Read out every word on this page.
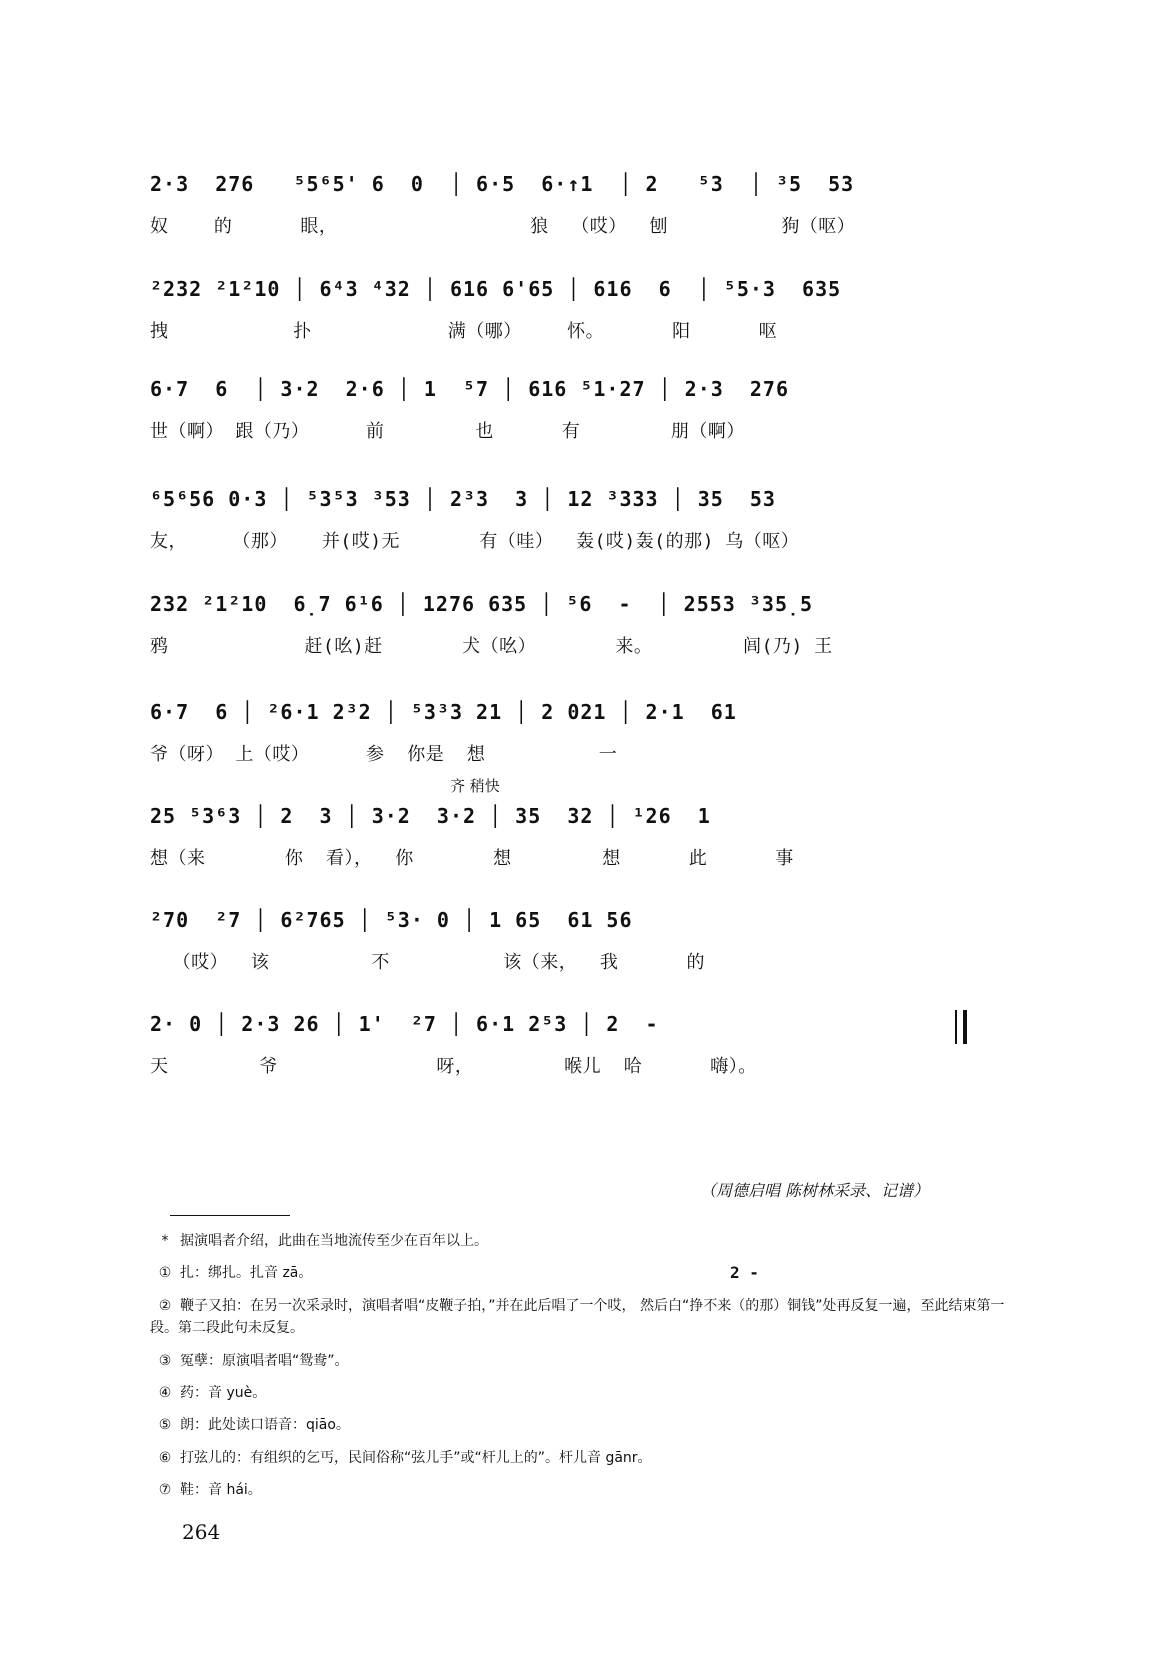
2·3  276   ⁵5⁶5' 6  0  │ 6·5  6·↑1  │ 2   ⁵3  │ ³5  53
奴    的      眼，                 狼  （哎）  刨          狗（呕）
²232 ²1²10 │ 6⁴3 ⁴32 │ 616 6'65 │ 616  6  │ ⁵5·3  635
拽           扑            满（哪）    怀。      阳      呕
6·7  6  │ 3·2  2·6 │ 1  ⁵7 │ 616 ⁵1·27 │ 2·3  276
世（啊） 跟（乃）     前        也      有        朋（啊）
⁶5⁶56 0·3 │ ⁵3⁵3 ³53 │ 2³3  3 │ 12 ³333 │ 35  53
友，    （那）   并(哎)无       有（哇）  轰(哎)轰(的那) 乌（呕）
232 ²1²10  6̣7 6¹6 │ 1276 635 │ ⁵6  -  │ 2553 ³35̣5
鸦            赶(吆)赶       犬（吆）       来。        闾(乃) 王
6·7  6 │ ²6·1 2³2 │ ⁵3³3 21 │ 2 021 │ 2·1  61
爷（呀） 上（哎）     参  你是  想          一
齐 稍快
25 ⁵3⁶3 │ 2  3 │ 3·2  3·2 │ 35  32 │ ¹26  1
想（来       你  看），  你       想        想      此      事
²70  ²7 │ 6²765 │ ⁵3· 0 │ 1 65  61 56
（哎）  该         不          该（来，  我      的
2· 0 │ 2·3 26 │ 1'  ²7 │ 6·1 2⁵3 │ 2  -
天        爷              呀，        喉儿  哈      嗨）。
（周德启唱 陈树林采录、记谱）
2 -
* 据演唱者介绍，此曲在当地流传至少在百年以上。
① 扎：绑扎。扎音 zā。
② 鞭子又拍：在另一次采录时，演唱者唱“皮鞭子拍，”并在此后唱了一个哎， 然后白“挣不来（的那）铜钱”处再反复一遍，至此结束第一段。第二段此句未反复。
③ 冤孽：原演唱者唱“鸳鸯”。
④ 药：音 yuè。
⑤ 朗：此处读口语音：qiāo。
⑥ 打弦儿的：有组织的乞丐，民间俗称“弦儿手”或“杆儿上的”。杆儿音 gānr。
⑦ 鞋：音 hái。
264
